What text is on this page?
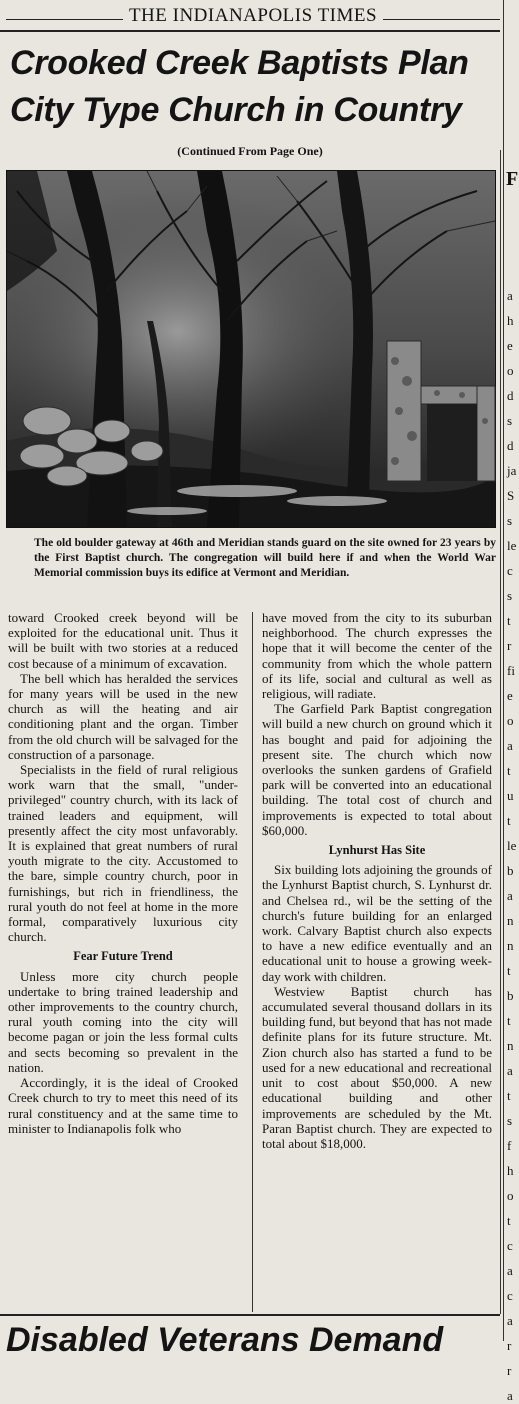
THE INDIANAPOLIS TIMES
Crooked Creek Baptists Plan
City Type Church in Country
(Continued From Page One)
The old boulder gateway at 46th and Meridian stands guard on the site owned for 23 years by the First Baptist church. The congregation will build here if and when the World War Memorial commission buys its edifice at Vermont and Meridian.

toward Crooked creek beyond will be exploited for the educational unit. Thus it will be built with two stories at a reduced cost because of a minimum of excavation.

The bell which has heralded the services for many years will be used in the new church as will the heating and air conditioning plant and the organ. Timber from the old church will be salvaged for the construction of a parsonage.

Specialists in the field of rural religious work warn that the small, "under-privileged" country church, with its lack of trained leaders and equipment, will presently affect the city most unfavorably. It is explained that great numbers of rural youth migrate to the city. Accustomed to the bare, simple country church, poor in furnishings, but rich in friendliness, the rural youth do not feel at home in the more formal, comparatively luxurious city church.

Fear Future Trend

Unless more city church people undertake to bring trained leadership and other improvements to the country church, rural youth coming into the city will become pagan or join the less formal cults and sects becoming so prevalent in the nation.

Accordingly, it is the ideal of Crooked Creek church to try to meet this need of its rural constituency and at the same time to minister to Indianapolis folk who

have moved from the city to its suburban neighborhood. The church expresses the hope that it will become the center of the community from which the whole pattern of its life, social and cultural as well as religious, will radiate.

The Garfield Park Baptist congregation will build a new church on ground which it has bought and paid for adjoining the present site. The church which now overlooks the sunken gardens of Grafield park will be converted into an educational building. The total cost of church and improvements is expected to total about $60,000.

Lynhurst Has Site

Six building lots adjoining the grounds of the Lynhurst Baptist church, S. Lynhurst dr. and Chelsea rd., wil be the setting of the church's future building for an enlarged work. Calvary Baptist church also expects to have a new edifice eventually and an educational unit to house a growing week-day work with children.

Westview Baptist church has accumulated several thousand dollars in its building fund, but beyond that has not made definite plans for its future structure. Mt. Zion church also has started a fund to be used for a new educational and recreational unit to cost about $50,000. A new educational building and other improvements are scheduled by the Mt. Paran Baptist church. They are expected to total about $18,000.

Disabled Veterans Demand
F
a
h
e
o
d
s
d
ja
S
s
le
c
s
t
r
fi
e
o
a
t
u
t
le
b
a
n
n
t
b
t
n
a
t
s
f
h
o
t
c
a
c
a
r
r
a
